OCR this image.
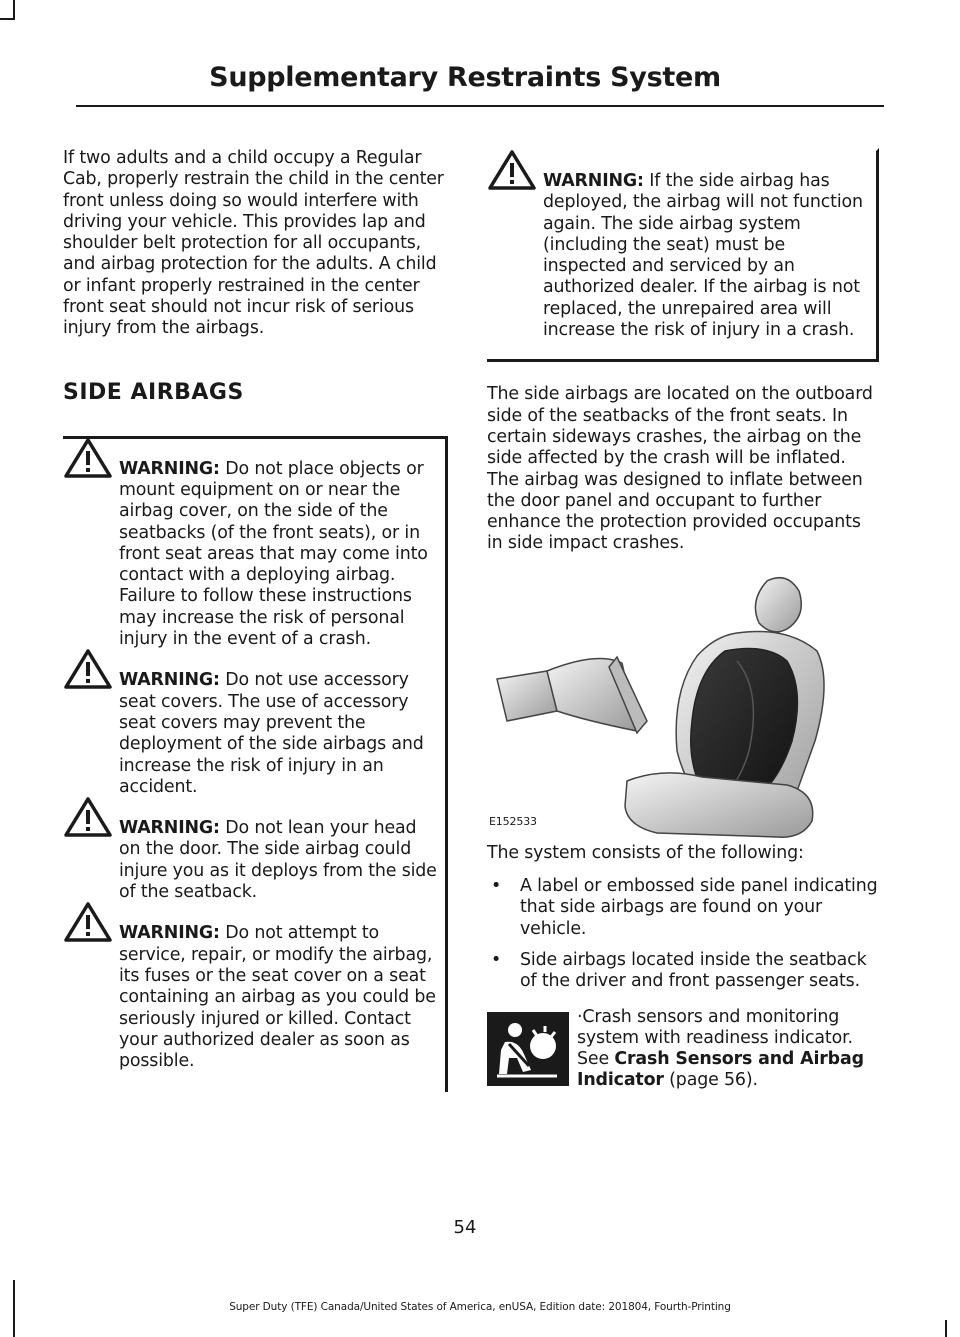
Supplementary Restraints System

If two adults and a child occupy a Regular Cab, properly restrain the child in the center front unless doing so would interfere with driving your vehicle. This provides lap and shoulder belt protection for all occupants, and airbag protection for the adults. A child or infant properly restrained in the center front seat should not incur risk of serious injury from the airbags.

SIDE AIRBAGS
WARNING: Do not place objects or mount equipment on or near the airbag cover, on the side of the seatbacks (of the front seats), or in front seat areas that may come into contact with a deploying airbag. Failure to follow these instructions may increase the risk of personal injury in the event of a crash.
WARNING: Do not use accessory seat covers. The use of accessory seat covers may prevent the deployment of the side airbags and increase the risk of injury in an accident.
WARNING: Do not lean your head on the door. The side airbag could injure you as it deploys from the side of the seatback.
WARNING: Do not attempt to service, repair, or modify the airbag, its fuses or the seat cover on a seat containing an airbag as you could be seriously injured or killed. Contact your authorized dealer as soon as possible.
WARNING: If the side airbag has deployed, the airbag will not function again. The side airbag system (including the seat) must be inspected and serviced by an authorized dealer. If the airbag is not replaced, the unrepaired area will increase the risk of injury in a crash.

The side airbags are located on the outboard side of the seatbacks of the front seats. In certain sideways crashes, the airbag on the side affected by the crash will be inflated. The airbag was designed to inflate between the door panel and occupant to further enhance the protection provided occupants in side impact crashes.

E152533

The system consists of the following:

• A label or embossed side panel indicating that side airbags are found on your vehicle.
• Side airbags located inside the seatback of the driver and front passenger seats.
·Crash sensors and monitoring system with readiness indicator. See Crash Sensors and Airbag Indicator (page 56).
54
Super Duty (TFE) Canada/United States of America, enUSA, Edition date: 201804, Fourth-Printing
